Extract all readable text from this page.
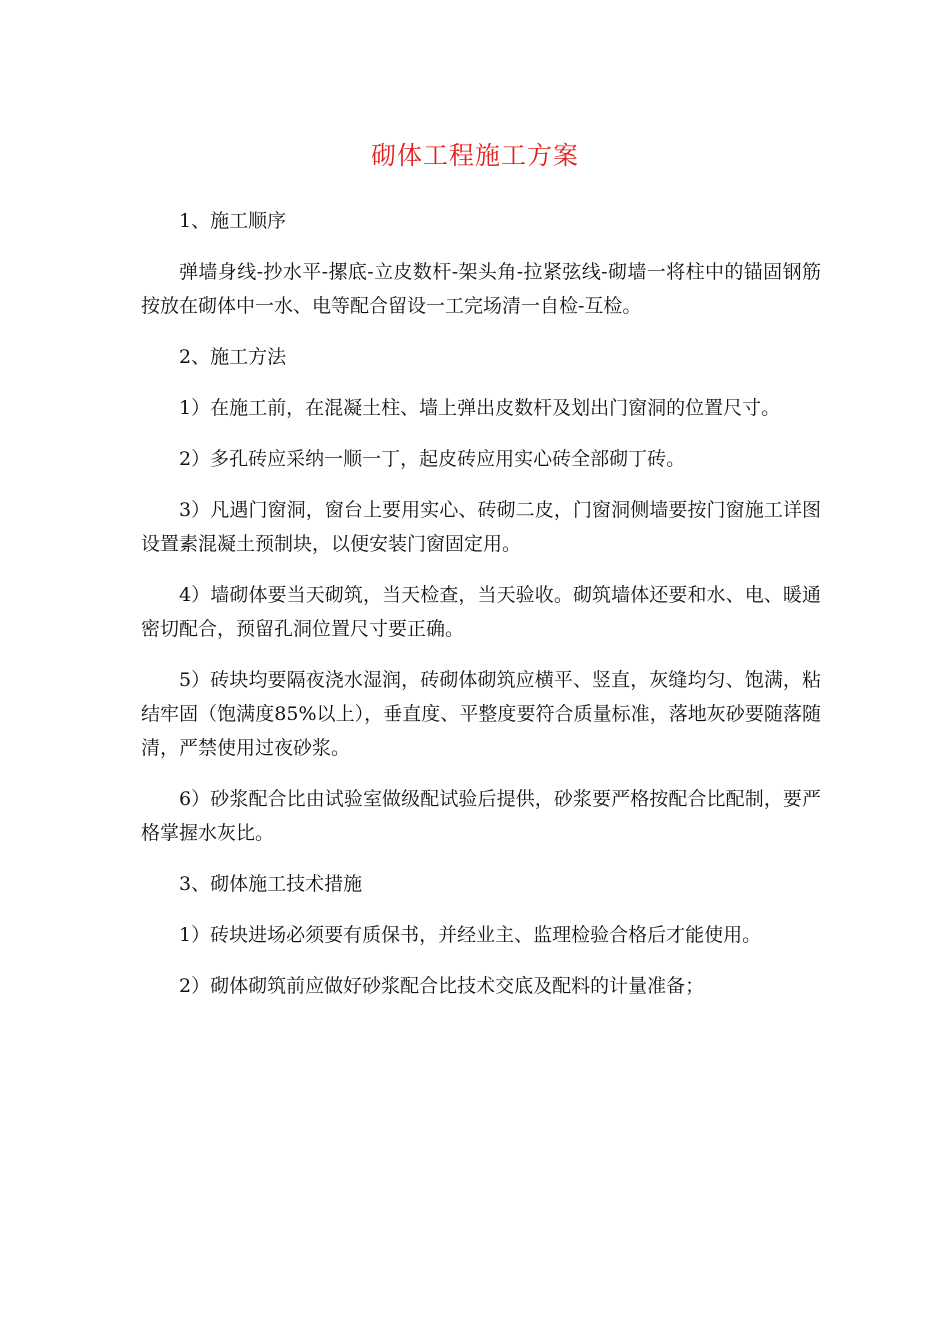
砌体工程施工方案

1、施工顺序

弹墙身线-抄水平-摞底-立皮数杆-架头角-拉紧弦线-砌墙一将柱中的锚固钢筋按放在砌体中一水、电等配合留设一工完场清一自检-互检。

2、施工方法

1）在施工前，在混凝土柱、墙上弹出皮数杆及划出门窗洞的位置尺寸。

2）多孔砖应采纳一顺一丁，起皮砖应用实心砖全部砌丁砖。

3）凡遇门窗洞，窗台上要用实心、砖砌二皮，门窗洞侧墙要按门窗施工详图设置素混凝土预制块，以便安装门窗固定用。

4）墙砌体要当天砌筑，当天检查，当天验收。砌筑墙体还要和水、电、暖通密切配合，预留孔洞位置尺寸要正确。

5）砖块均要隔夜浇水湿润，砖砌体砌筑应横平、竖直，灰缝均匀、饱满，粘结牢固（饱满度85%以上），垂直度、平整度要符合质量标准，落地灰砂要随落随清，严禁使用过夜砂浆。

6）砂浆配合比由试验室做级配试验后提供，砂浆要严格按配合比配制，要严格掌握水灰比。

3、砌体施工技术措施

1）砖块进场必须要有质保书，并经业主、监理检验合格后才能使用。

2）砌体砌筑前应做好砂浆配合比技术交底及配料的计量准备；
